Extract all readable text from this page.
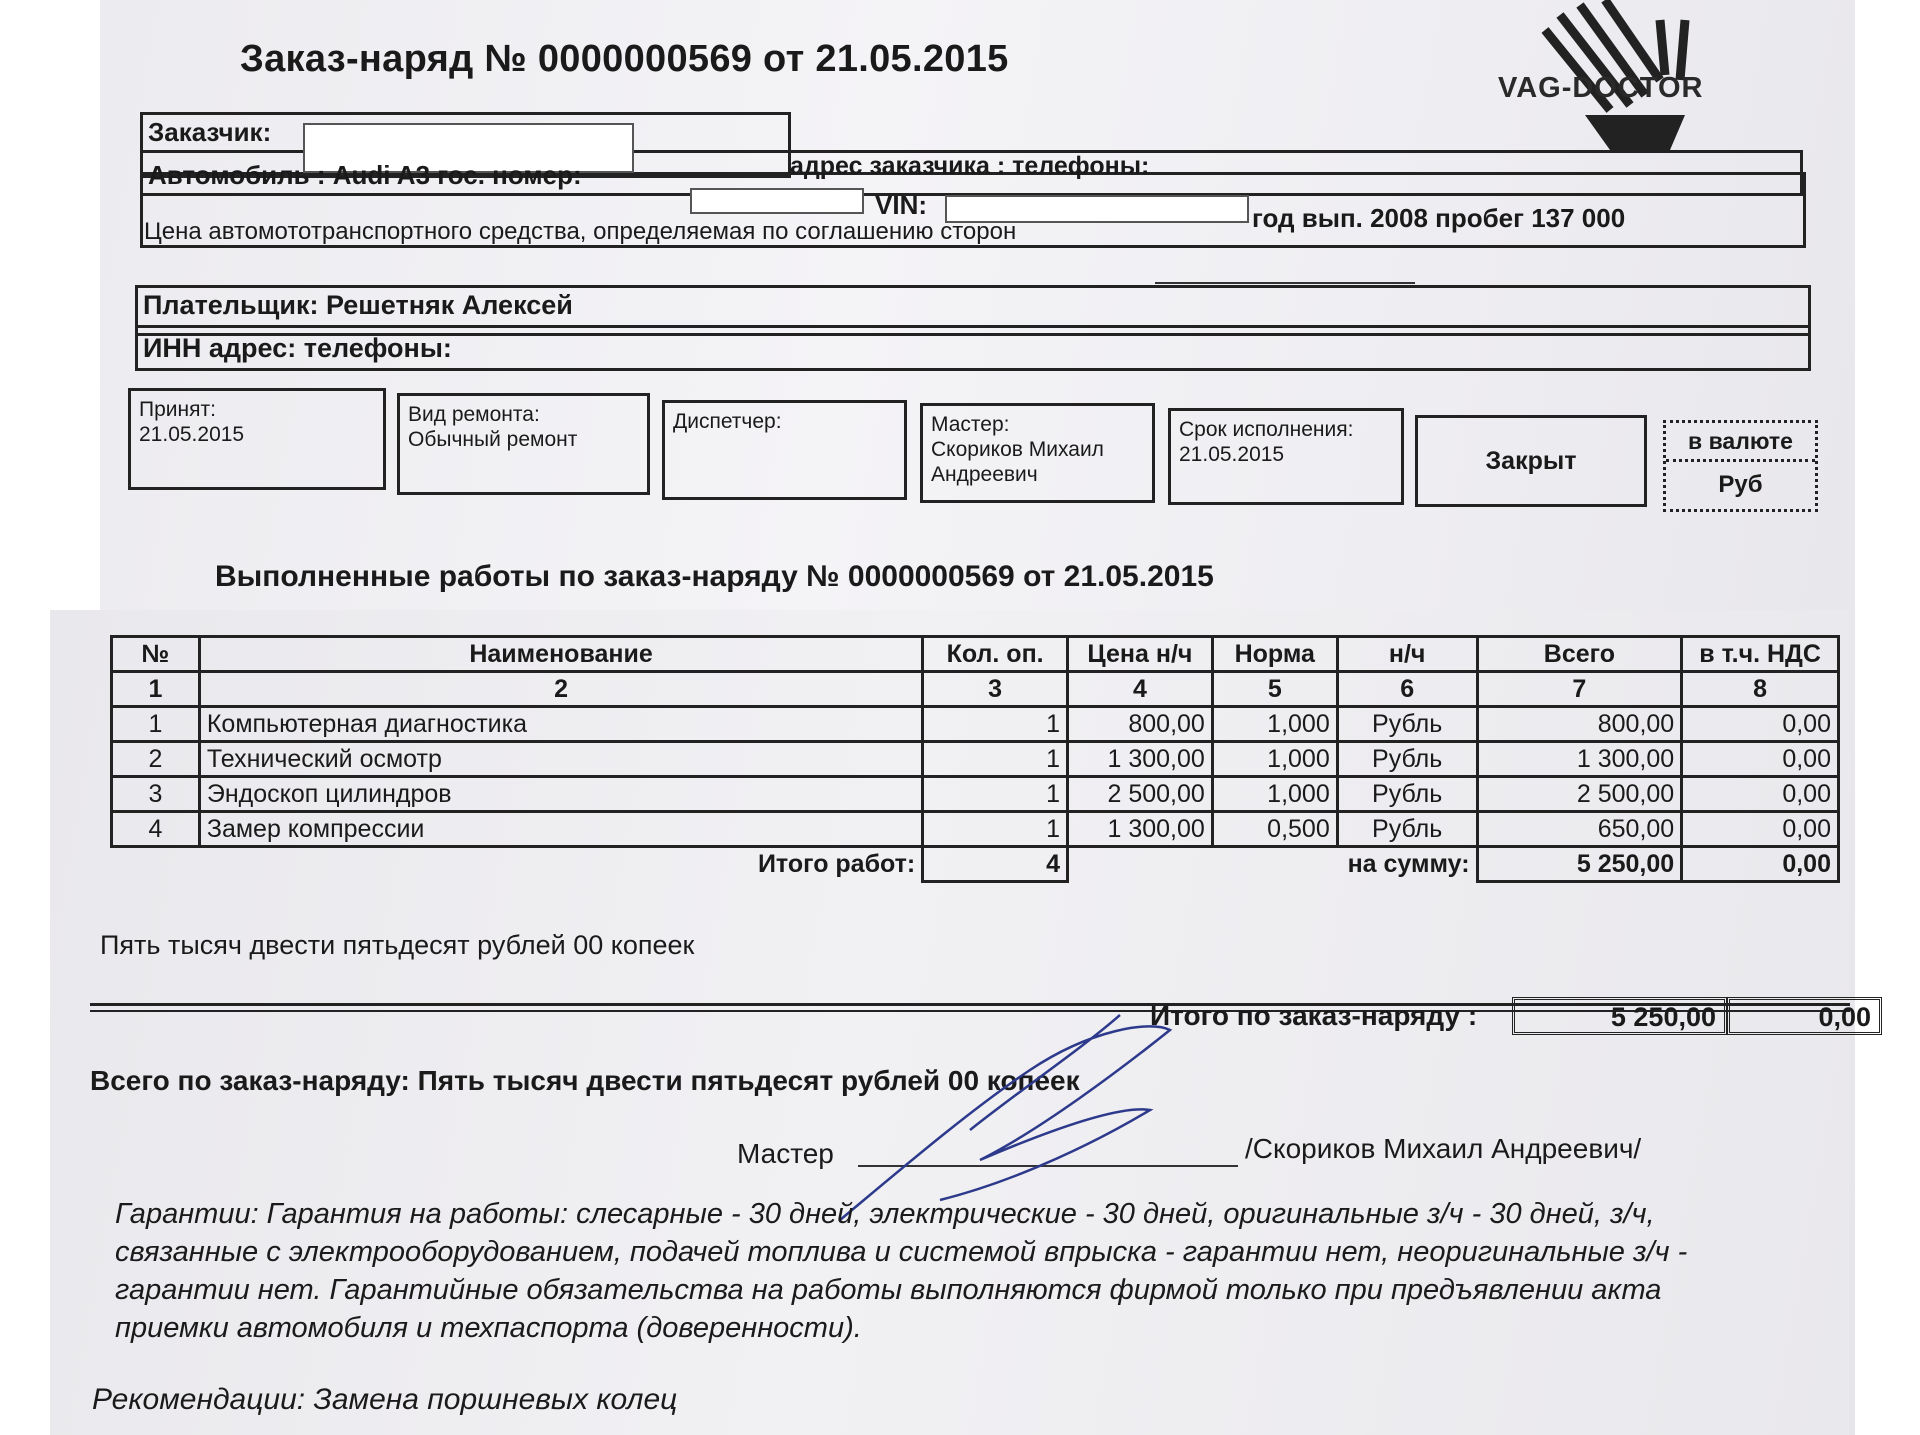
Заказ-наряд № 0000000569 от 21.05.2015
VAG-DOCTOR
Заказчик:
адрес заказчика : телефоны:
Автомобиль : Audi A3 гос. номер:
VIN:	год вып. 2008 пробег 137 000
Цена автомототранспортного средства, определяемая по соглашению сторон
Плательщик: Решетняк Алексей
ИНН адрес: телефоны:
Принят:
21.05.2015
Вид ремонта:
Обычный ремонт
Диспетчер:	Мастер:
Скориков Михаил Андреевич
Срок исполнения:
21.05.2015	Закрыт
в валюте
Руб
Выполненные работы по заказ-наряду № 0000000569 от 21.05.2015
№	Наименование	Кол. оп.	Цена н/ч	Норма	н/ч	Всего	в т.ч. НДС
1	2	3	4	5	6	7	8
1	Компьютерная диагностика	1	800,00	1,000	Рубль	800,00	0,00
2	Технический осмотр	1	1 300,00	1,000	Рубль	1 300,00	0,00
3	Эндоскоп цилиндров	1	2 500,00	1,000	Рубль	2 500,00	0,00
4	Замер компрессии	1	1 300,00	0,500	Рубль	650,00	0,00
Итого работ:		4	на сумму:			5 250,00	0,00
Пять тысяч двести пятьдесят рублей 00 копеек
Итого по заказ-наряду :	5 250,00	0,00
Всего по заказ-наряду: Пять тысяч двести пятьдесят рублей 00 копеек
Мастер	/Скориков Михаил Андреевич/
Гарантии: Гарантия на работы: слесарные - 30 дней, электрические - 30 дней, оригинальные з/ч - 30 дней, з/ч, связанные с электрооборудованием, подачей топлива и системой впрыска - гарантии нет, неоригинальные з/ч - гарантии нет. Гарантийные обязательства на работы выполняются фирмой только при предъявлении акта приемки автомобиля и техпаспорта (доверенности).
Рекомендации: Замена поршневых колец
